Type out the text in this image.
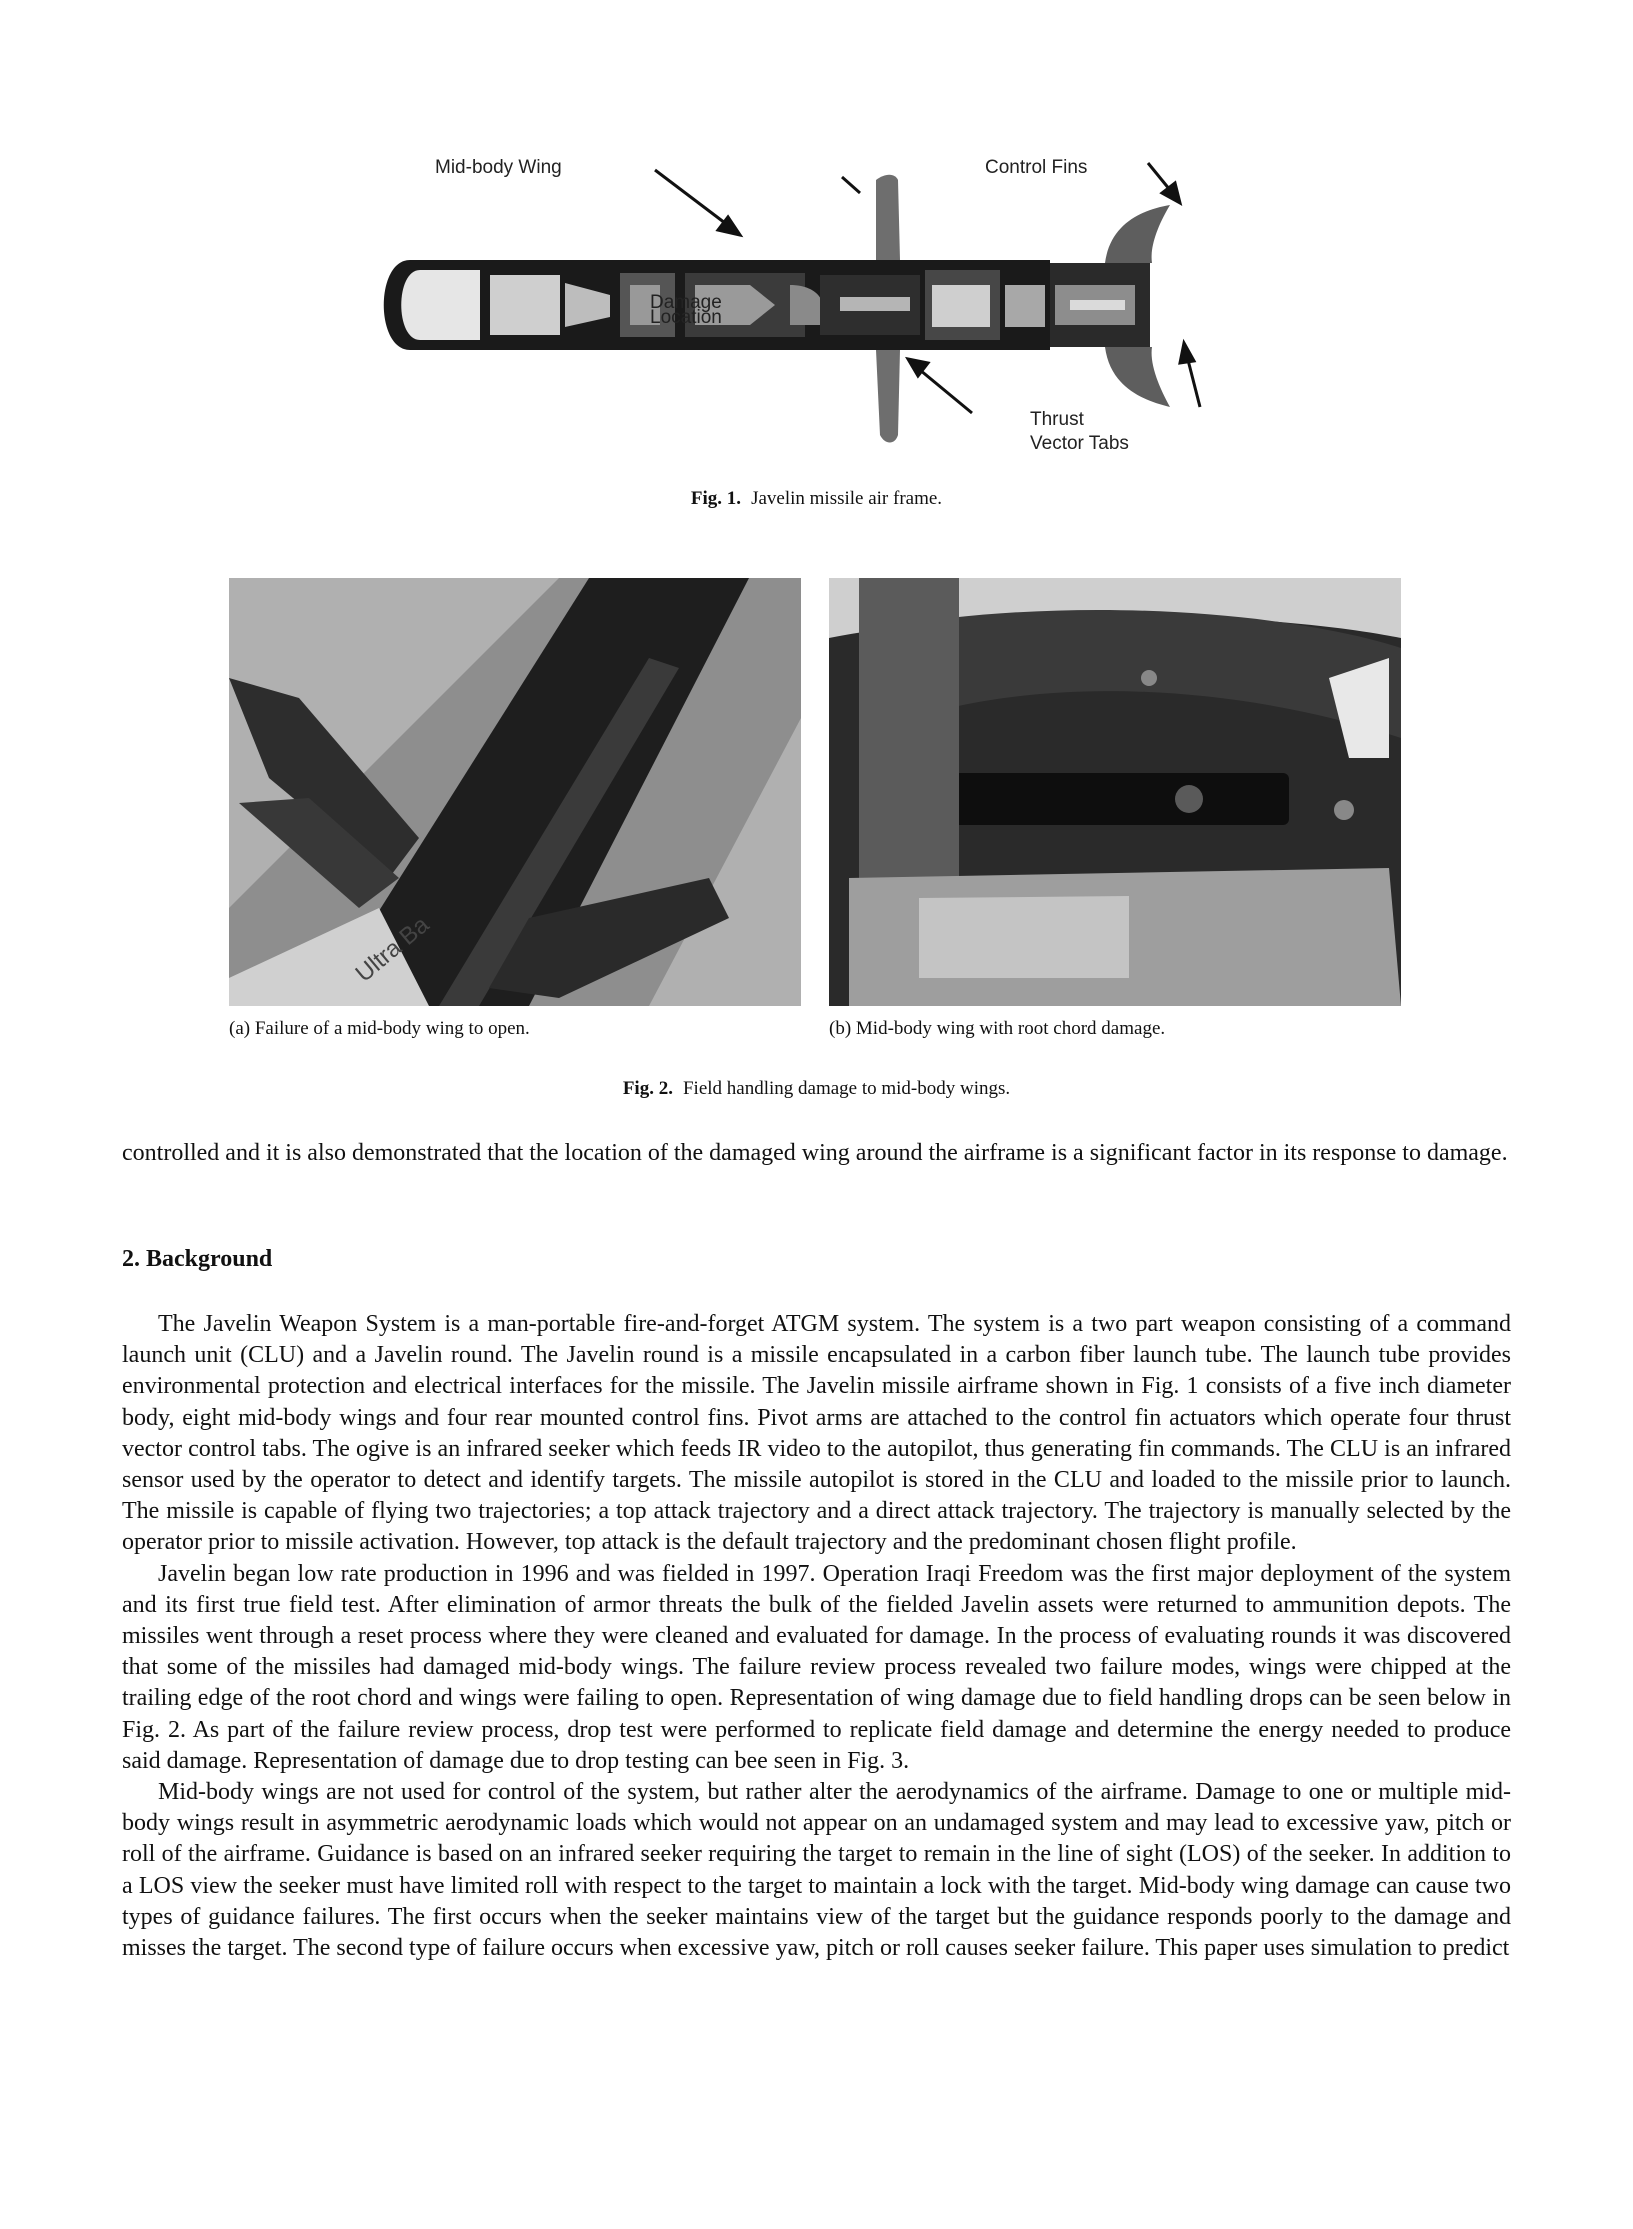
Mid-body Wing	Control Fins
Damage
Location
Thrust
Vector Tabs
Fig. 1. Javelin missile air frame.
Ultra Ba
(a) Failure of a mid-body wing to open.	(b) Mid-body wing with root chord damage.
Fig. 2. Field handling damage to mid-body wings.
controlled and it is also demonstrated that the location of the damaged wing around the airframe is a significant factor in its response to damage.
2. Background

The Javelin Weapon System is a man-portable fire-and-forget ATGM system. The system is a two part weapon consisting of a command launch unit (CLU) and a Javelin round. The Javelin round is a missile encapsulated in a carbon fiber launch tube. The launch tube provides environmental protection and electrical interfaces for the missile. The Javelin missile airframe shown in Fig. 1 consists of a five inch diameter body, eight mid-body wings and four rear mounted control fins. Pivot arms are attached to the control fin actuators which operate four thrust vector control tabs. The ogive is an infrared seeker which feeds IR video to the autopilot, thus generating fin commands. The CLU is an infrared sensor used by the operator to detect and identify targets. The missile autopilot is stored in the CLU and loaded to the missile prior to launch. The missile is capable of flying two trajectories; a top attack trajectory and a direct attack trajectory. The trajectory is manually selected by the operator prior to missile activation. However, top attack is the default trajectory and the predominant chosen flight profile.

Javelin began low rate production in 1996 and was fielded in 1997. Operation Iraqi Freedom was the first major deployment of the system and its first true field test. After elimination of armor threats the bulk of the fielded Javelin assets were returned to ammunition depots. The missiles went through a reset process where they were cleaned and evaluated for damage. In the process of evaluating rounds it was discovered that some of the missiles had damaged mid-body wings. The failure review process revealed two failure modes, wings were chipped at the trailing edge of the root chord and wings were failing to open. Representation of wing damage due to field handling drops can be seen below in Fig. 2. As part of the failure review process, drop test were performed to replicate field damage and determine the energy needed to produce said damage. Representation of damage due to drop testing can bee seen in Fig. 3.

Mid-body wings are not used for control of the system, but rather alter the aerodynamics of the airframe. Damage to one or multiple mid-body wings result in asymmetric aerodynamic loads which would not appear on an undamaged system and may lead to excessive yaw, pitch or roll of the airframe. Guidance is based on an infrared seeker requiring the target to remain in the line of sight (LOS) of the seeker. In addition to a LOS view the seeker must have limited roll with respect to the target to maintain a lock with the target. Mid-body wing damage can cause two types of guidance failures. The first occurs when the seeker maintains view of the target but the guidance responds poorly to the damage and misses the target. The second type of failure occurs when excessive yaw, pitch or roll causes seeker failure. This paper uses simulation to predict
